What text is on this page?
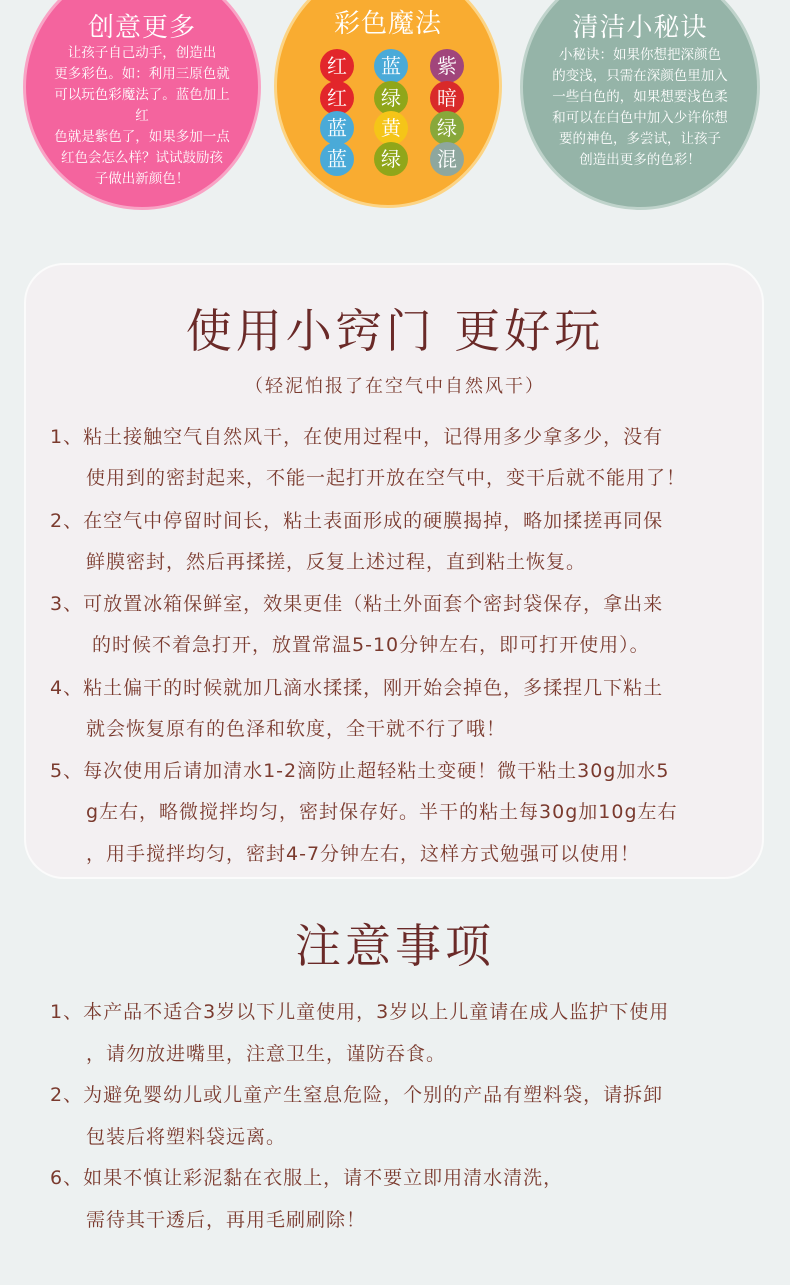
创意更多
让孩子自己动手，创造出
更多彩色。如：利用三原色就
可以玩色彩魔法了。蓝色加上红
色就是紫色了，如果多加一点
红色会怎么样？试试鼓励孩
子做出新颜色！
彩色魔法
红	蓝	紫
红	绿	暗
蓝	黄	绿
蓝	绿	混
清洁小秘诀
小秘诀：如果你想把深颜色
的变浅，只需在深颜色里加入
一些白色的，如果想要浅色柔
和可以在白色中加入少许你想
要的神色，多尝试，让孩子
创造出更多的色彩！
使用小窍门 更好玩
（轻泥怕报了在空气中自然风干）
1、粘土接触空气自然风干，在使用过程中，记得用多少拿多少，没有
使用到的密封起来，不能一起打开放在空气中，变干后就不能用了！
2、在空气中停留时间长，粘土表面形成的硬膜揭掉，略加揉搓再同保
鲜膜密封，然后再揉搓，反复上述过程，直到粘土恢复。
3、可放置冰箱保鲜室，效果更佳（粘土外面套个密封袋保存，拿出来
的时候不着急打开，放置常温5-10分钟左右，即可打开使用）。
4、粘土偏干的时候就加几滴水揉揉，刚开始会掉色，多揉捏几下粘土
就会恢复原有的色泽和软度，全干就不行了哦！
5、每次使用后请加清水1-2滴防止超轻粘土变硬！微干粘土30g加水5
g左右，略微搅拌均匀，密封保存好。半干的粘土每30g加10g左右
，用手搅拌均匀，密封4-7分钟左右，这样方式勉强可以使用！
注意事项
1、本产品不适合3岁以下儿童使用，3岁以上儿童请在成人监护下使用
，请勿放进嘴里，注意卫生，谨防吞食。
2、为避免婴幼儿或儿童产生窒息危险，个别的产品有塑料袋，请拆卸
包装后将塑料袋远离。
6、如果不慎让彩泥黏在衣服上，请不要立即用清水清洗，
需待其干透后，再用毛刷刷除！
